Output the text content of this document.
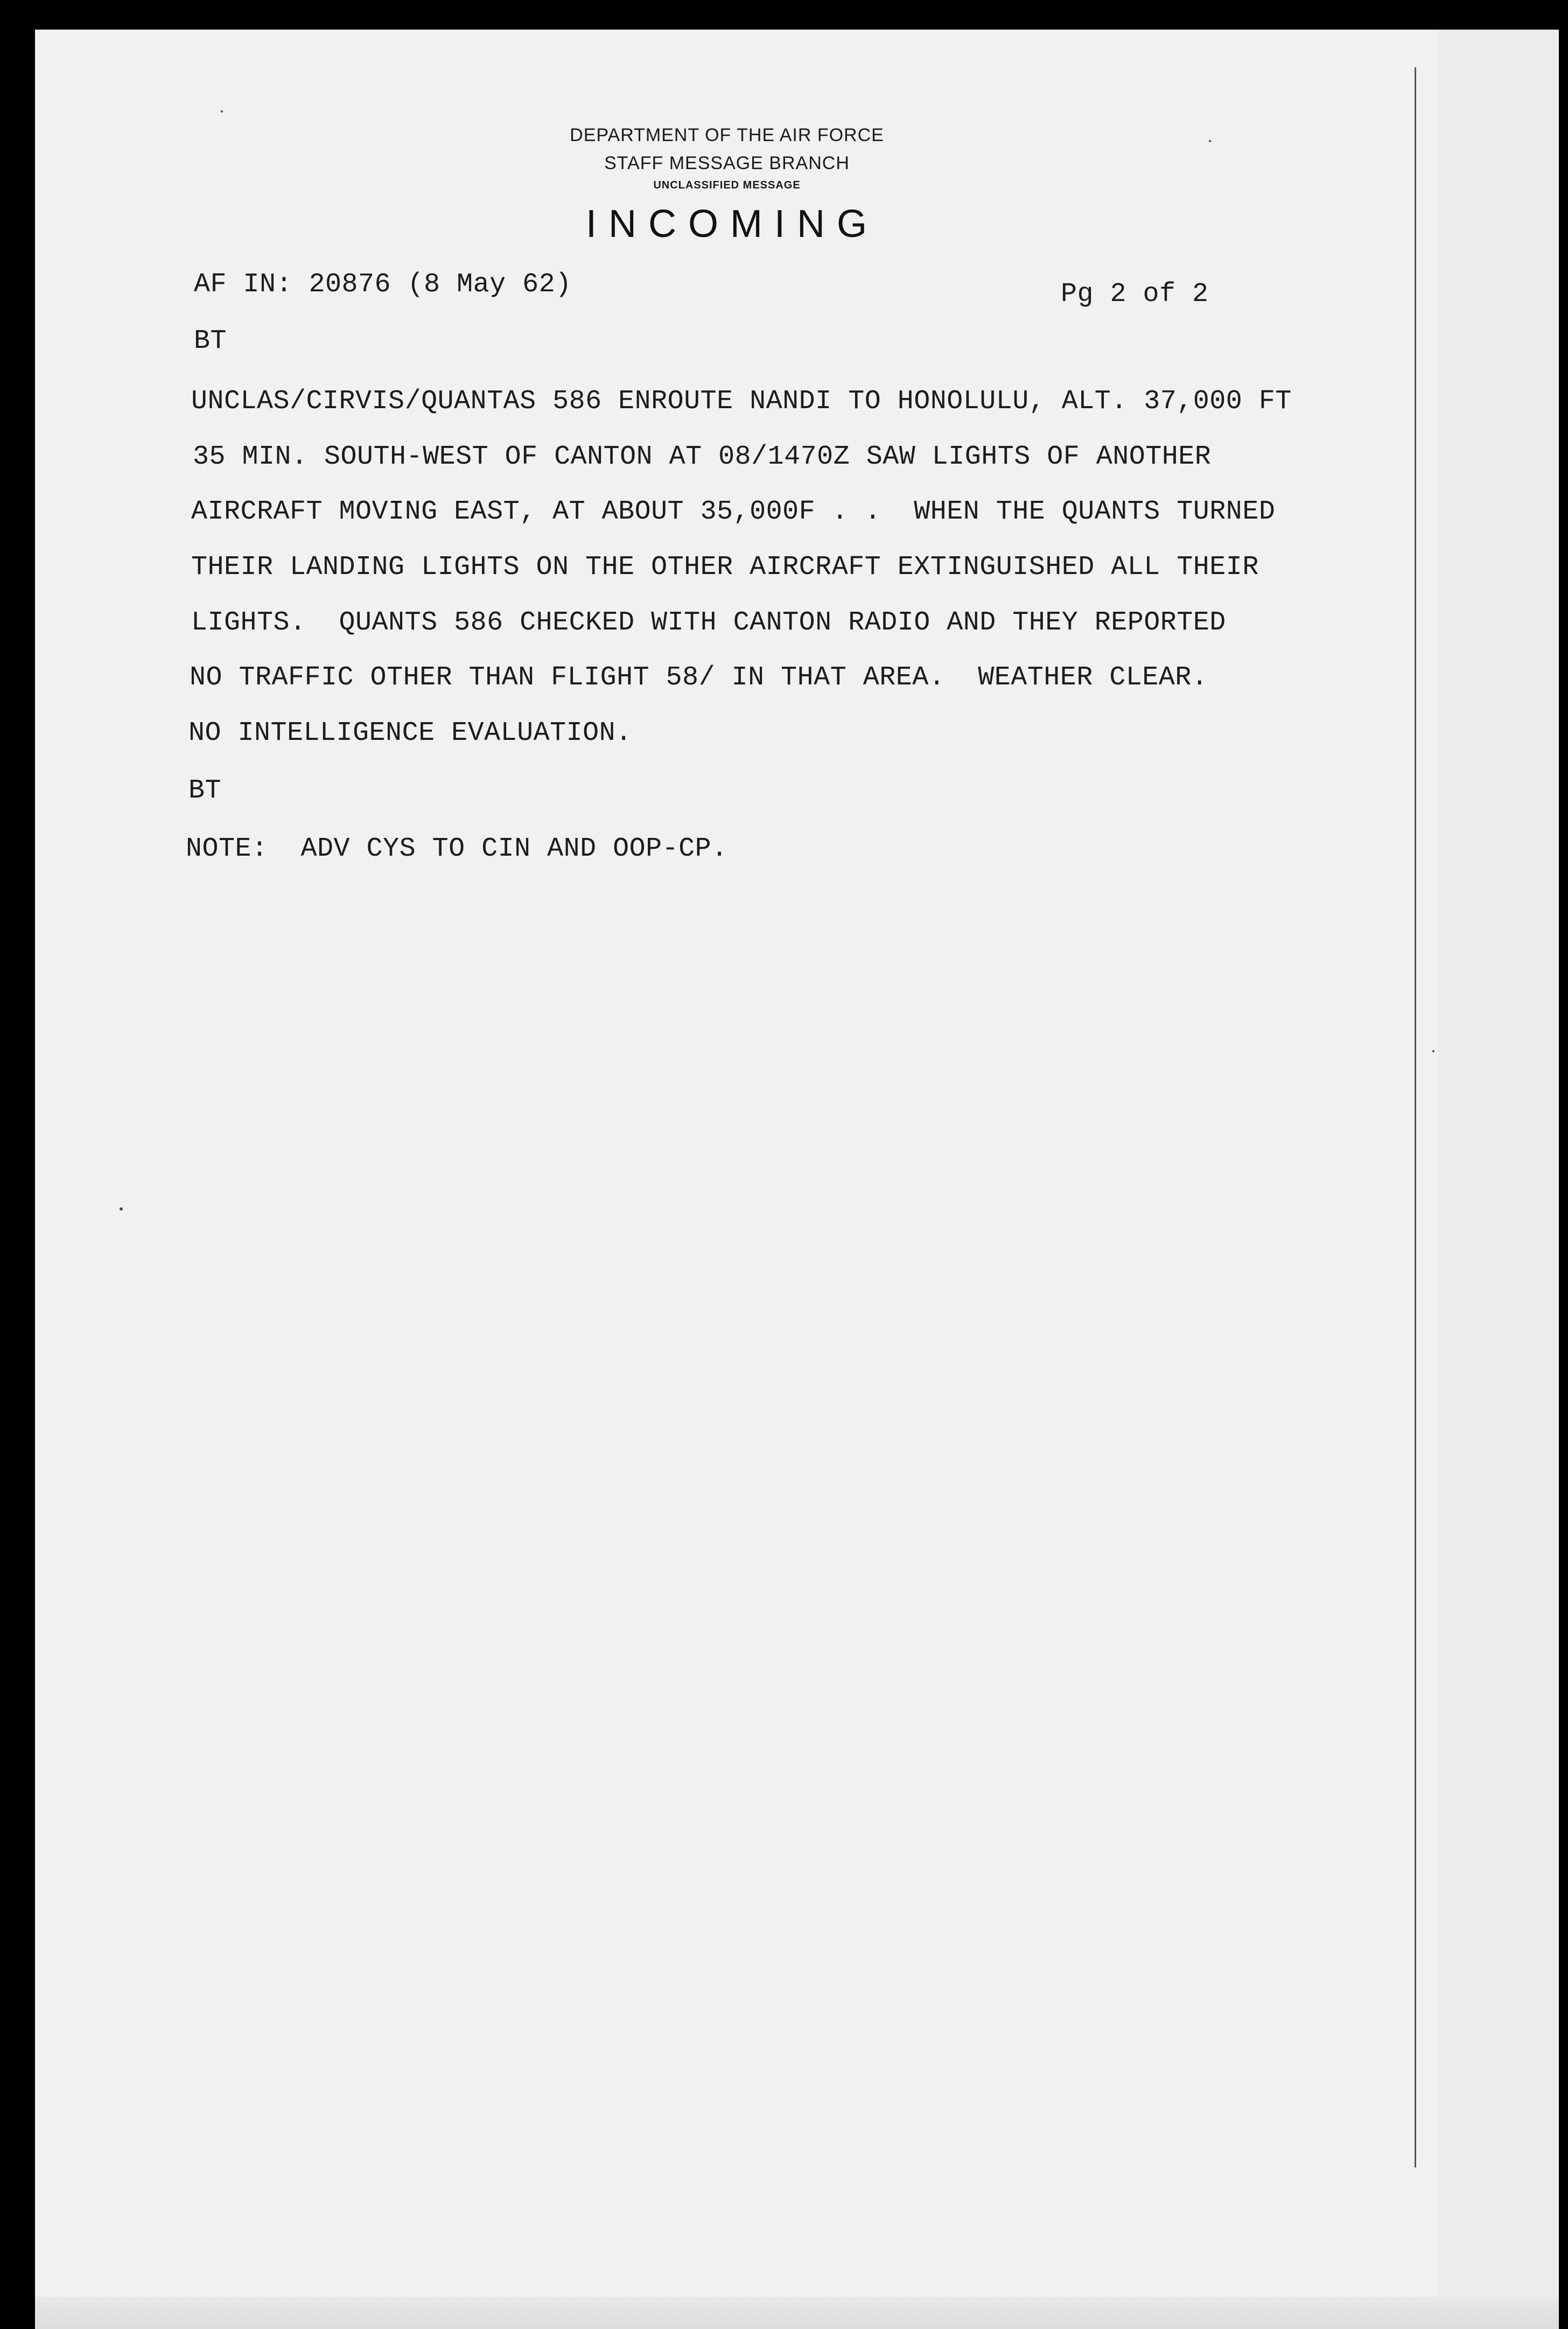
DEPARTMENT OF THE AIR FORCE
STAFF MESSAGE BRANCH
UNCLASSIFIED MESSAGE
INCOMING
AF IN: 20876 (8 May 62)	Pg 2 of 2
BT
UNCLAS/CIRVIS/QUANTAS 586 ENROUTE NANDI TO HONOLULU, ALT. 37,000 FT
35 MIN. SOUTH-WEST OF CANTON AT 08/1470Z SAW LIGHTS OF ANOTHER
AIRCRAFT MOVING EAST, AT ABOUT 35,000F . .  WHEN THE QUANTS TURNED
THEIR LANDING LIGHTS ON THE OTHER AIRCRAFT EXTINGUISHED ALL THEIR
LIGHTS.  QUANTS 586 CHECKED WITH CANTON RADIO AND THEY REPORTED
NO TRAFFIC OTHER THAN FLIGHT 58/ IN THAT AREA.  WEATHER CLEAR.
NO INTELLIGENCE EVALUATION.
BT
NOTE:  ADV CYS TO CIN AND OOP-CP.
